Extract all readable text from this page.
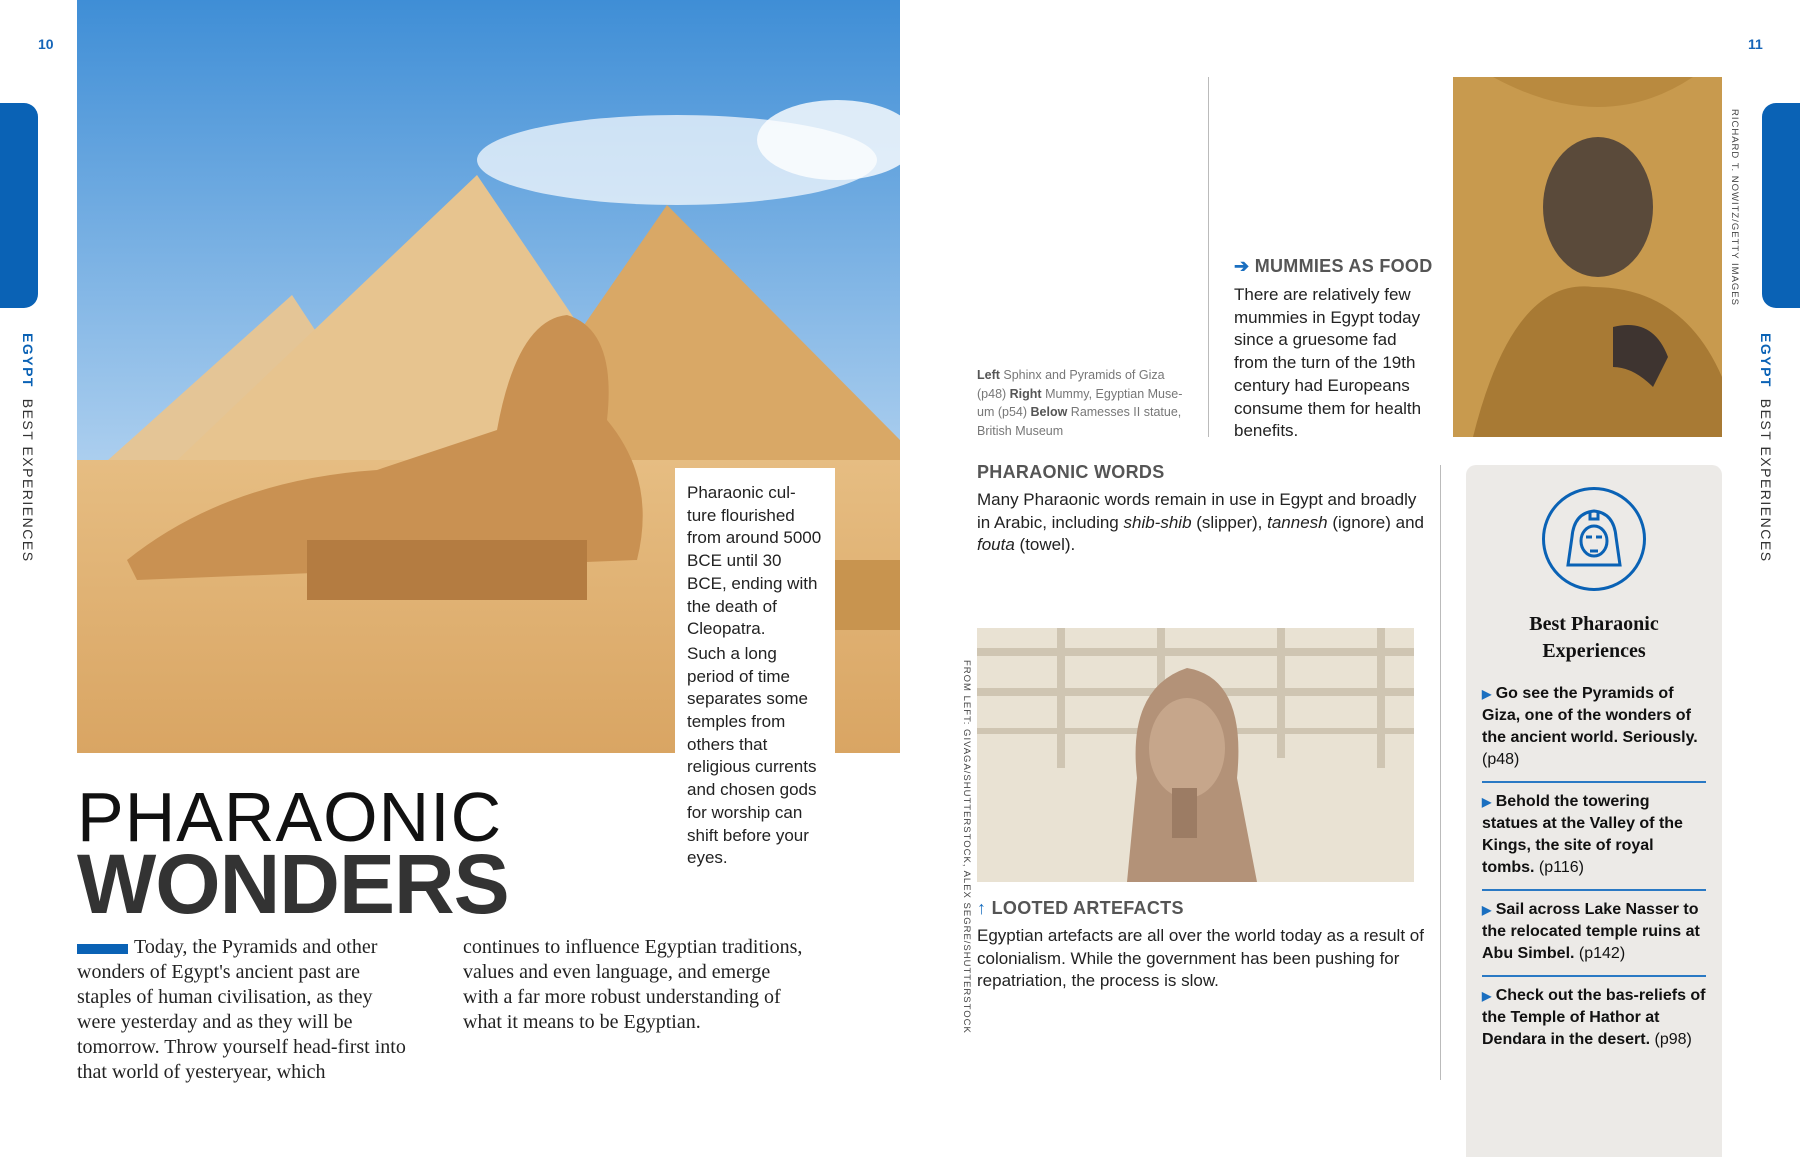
10
EGYPT  BEST EXPERIENCES	Pharaonic cul-ture flourished from around 5000 BCE until 30 BCE, ending with the death of Cleopatra.

Such a long period of time separates some temples from others that religious currents and chosen gods for worship can shift before your eyes.

PHARAONIC
WONDERS

Today, the Pyramids and other wonders of Egypt's ancient past are staples of human civilisation, as they were yesterday and as they will be tomorrow. Throw yourself head-first into that world of yesteryear, which

continues to influence Egyptian traditions, values and even language, and emerge with a far more robust understanding of what it means to be Egyptian.

11
EGYPT  BEST EXPERIENCES

Left Sphinx and Pyramids of Giza (p48) Right Mummy, Egyptian Muse-um (p54) Below Ramesses II statue, British Museum

➔ MUMMIES AS FOOD

There are relatively few mummies in Egypt today since a gruesome fad from the turn of the 19th century had Europeans consume them for health benefits.

RICHARD T. NOWITZ/GETTY IMAGES
PHARAONIC WORDS

Many Pharaonic words remain in use in Egypt and broadly in Arabic, including shib-shib (slipper), tannesh (ignore) and fouta (towel).

FROM LEFT: GIVAGA/SHUTTERSTOCK, ALEX SEGRE/SHUTTERSTOCK ↑ LOOTED ARTEFACTS

Egyptian artefacts are all over the world today as a result of colonialism. While the government has been pushing for repatriation, the process is slow.

Best Pharaonic Experiences
▶ Go see the Pyramids of Giza, one of the wonders of the ancient world. Seriously. (p48)
▶ Behold the towering statues at the Valley of the Kings, the site of royal tombs. (p116)
▶ Sail across Lake Nasser to the relocated temple ruins at Abu Simbel. (p142)
▶ Check out the bas-reliefs of the Temple of Hathor at Dendara in the desert. (p98)
